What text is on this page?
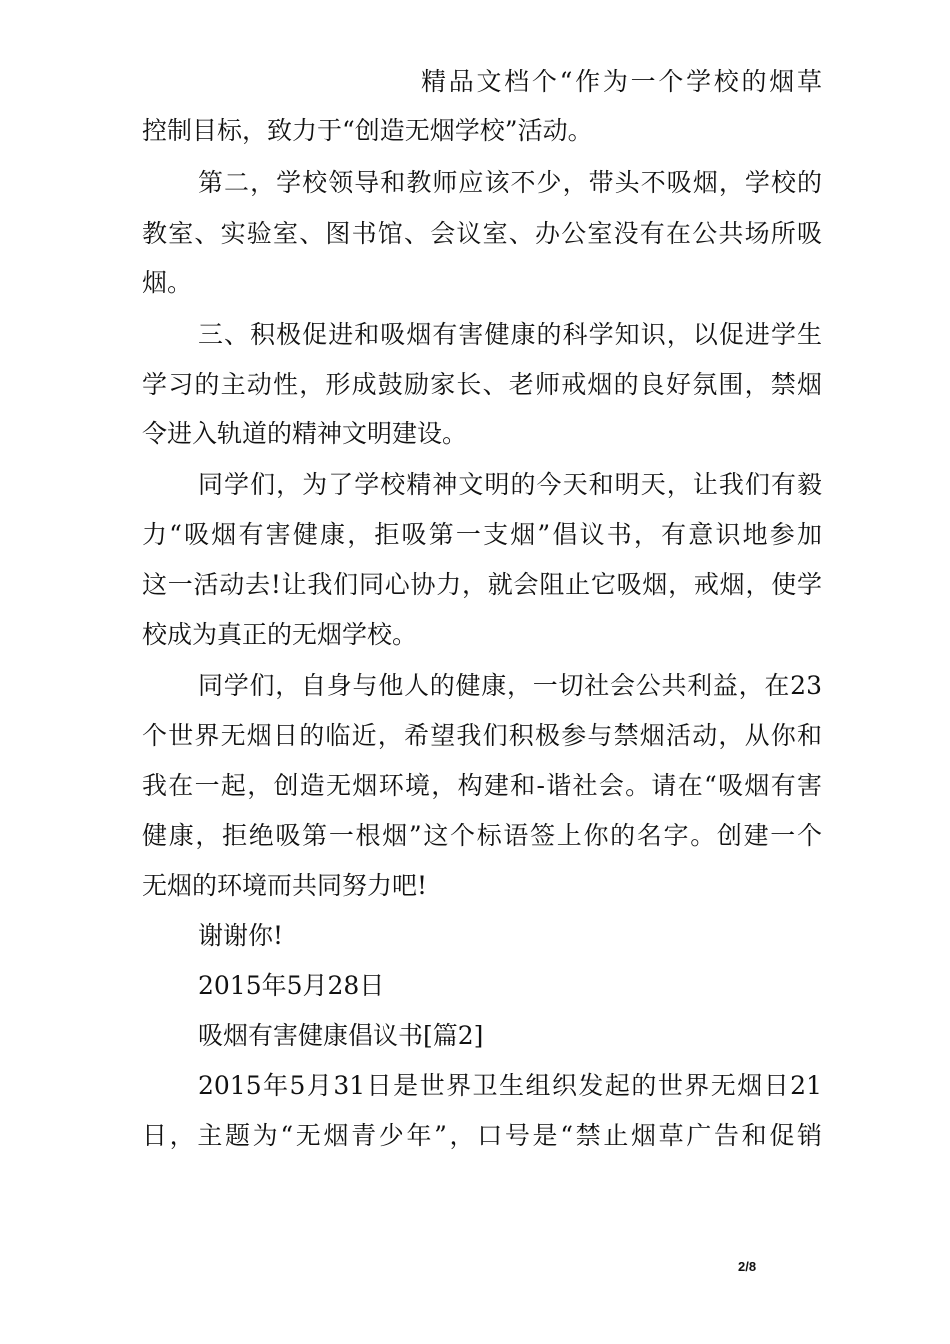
精品文档个“作为一个学校的烟草
控制目标，致力于“创造无烟学校”活动。
第二，学校领导和教师应该不少，带头不吸烟，学校的
教室、实验室、图书馆、会议室、办公室没有在公共场所吸
烟。
三、积极促进和吸烟有害健康的科学知识，以促进学生
学习的主动性，形成鼓励家长、老师戒烟的良好氛围，禁烟
令进入轨道的精神文明建设。
同学们，为了学校精神文明的今天和明天，让我们有毅
力“吸烟有害健康，拒吸第一支烟”倡议书，有意识地参加
这一活动去!让我们同心协力，就会阻止它吸烟，戒烟，使学
校成为真正的无烟学校。
同学们，自身与他人的健康，一切社会公共利益，在23
个世界无烟日的临近，希望我们积极参与禁烟活动，从你和
我在一起，创造无烟环境，构建和-谐社会。请在“吸烟有害
健康，拒绝吸第一根烟”这个标语签上你的名字。创建一个
无烟的环境而共同努力吧!
谢谢你!
2015年5月28日
吸烟有害健康倡议书[篇2]
2015年5月31日是世界卫生组织发起的世界无烟日21
日，主题为“无烟青少年”，口号是“禁止烟草广告和促销
2/8
